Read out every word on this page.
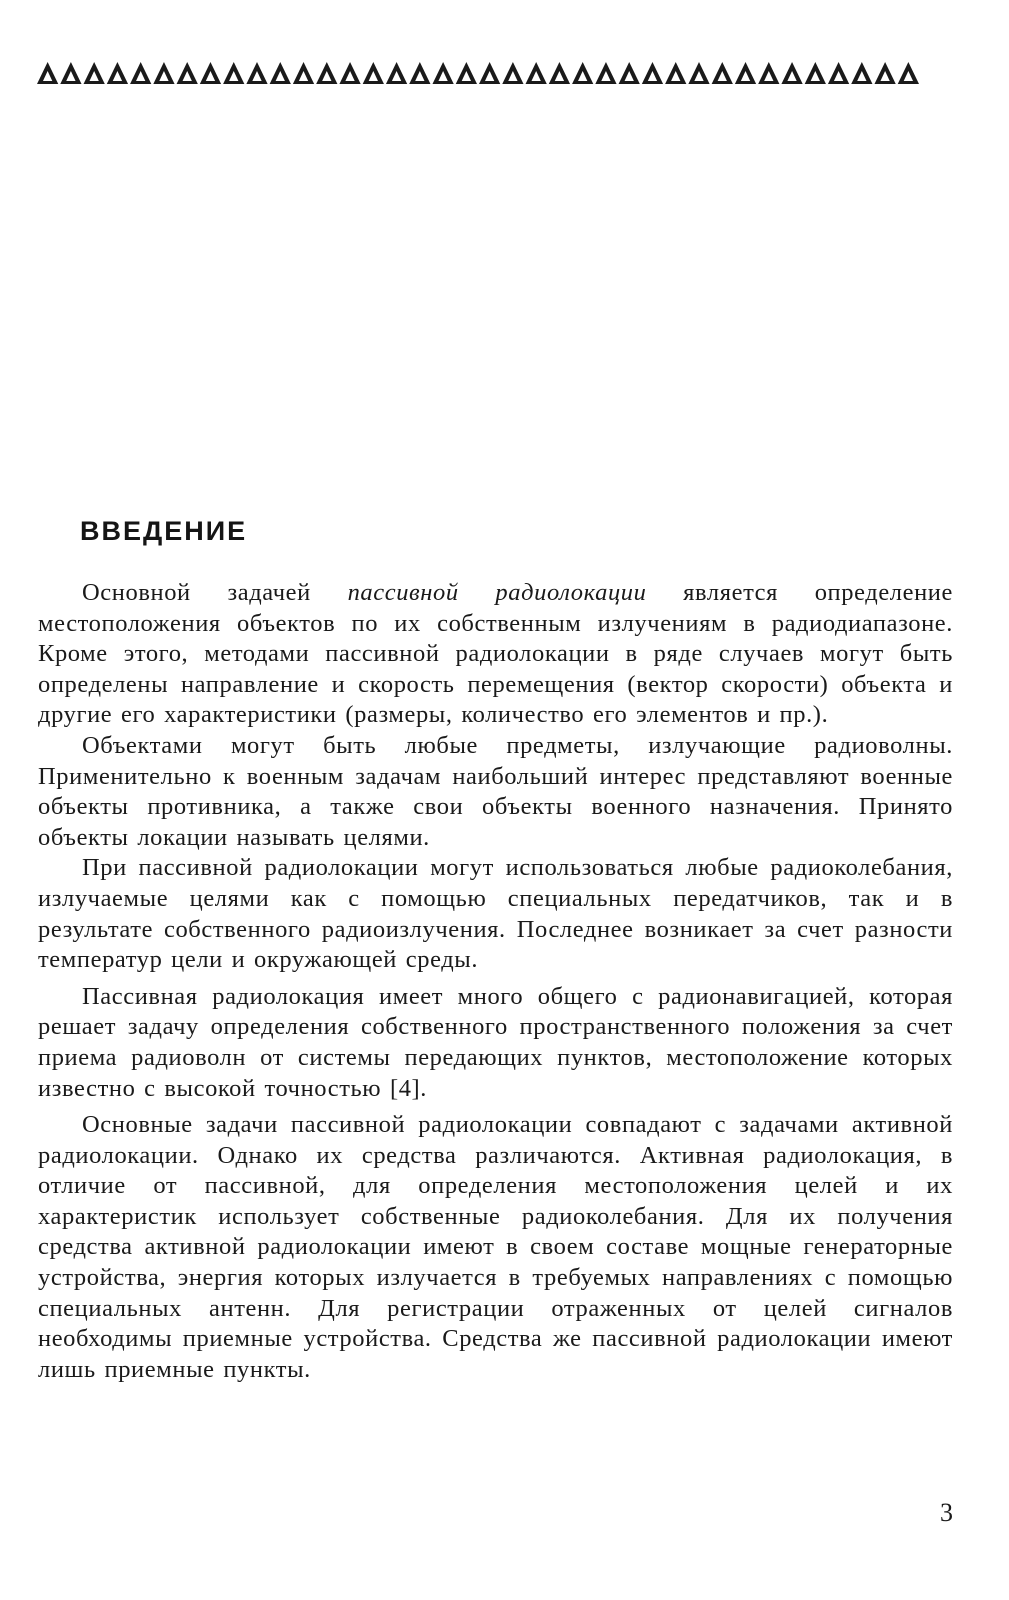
ВВЕДЕНИЕ

Основной задачей пассивной радиолокации является определение местоположения объектов по их собственным излучениям в радиодиапазоне. Кроме этого, методами пассивной радиолокации в ряде случаев могут быть определены направление и скорость перемещения (вектор скорости) объекта и другие его характеристики (размеры, количество его элементов и пр.).

Объектами могут быть любые предметы, излучающие радиоволны. Применительно к военным задачам наибольший интерес представляют военные объекты противника, а также свои объекты военного назначения. Принято объекты локации называть целями.

При пассивной радиолокации могут использоваться любые радиоколебания, излучаемые целями как с помощью специальных передатчиков, так и в результате собственного радиоизлучения. Последнее возникает за счет разности температур цели и окружающей среды.

Пассивная радиолокация имеет много общего с радионавигацией, которая решает задачу определения собственного пространственного положения за счет приема радиоволн от системы передающих пунктов, местоположение которых известно с высокой точностью [4].

Основные задачи пассивной радиолокации совпадают с задачами активной радиолокации. Однако их средства различаются. Активная радиолокация, в отличие от пассивной, для определения местоположения целей и их характеристик использует собственные радиоколебания. Для их получения средства активной радиолокации имеют в своем составе мощные генераторные устройства, энергия которых излучается в требуемых направлениях с помощью специальных антенн. Для регистрации отраженных от целей сигналов необходимы приемные устройства. Средства же пассивной радиолокации имеют лишь приемные пункты.

3
